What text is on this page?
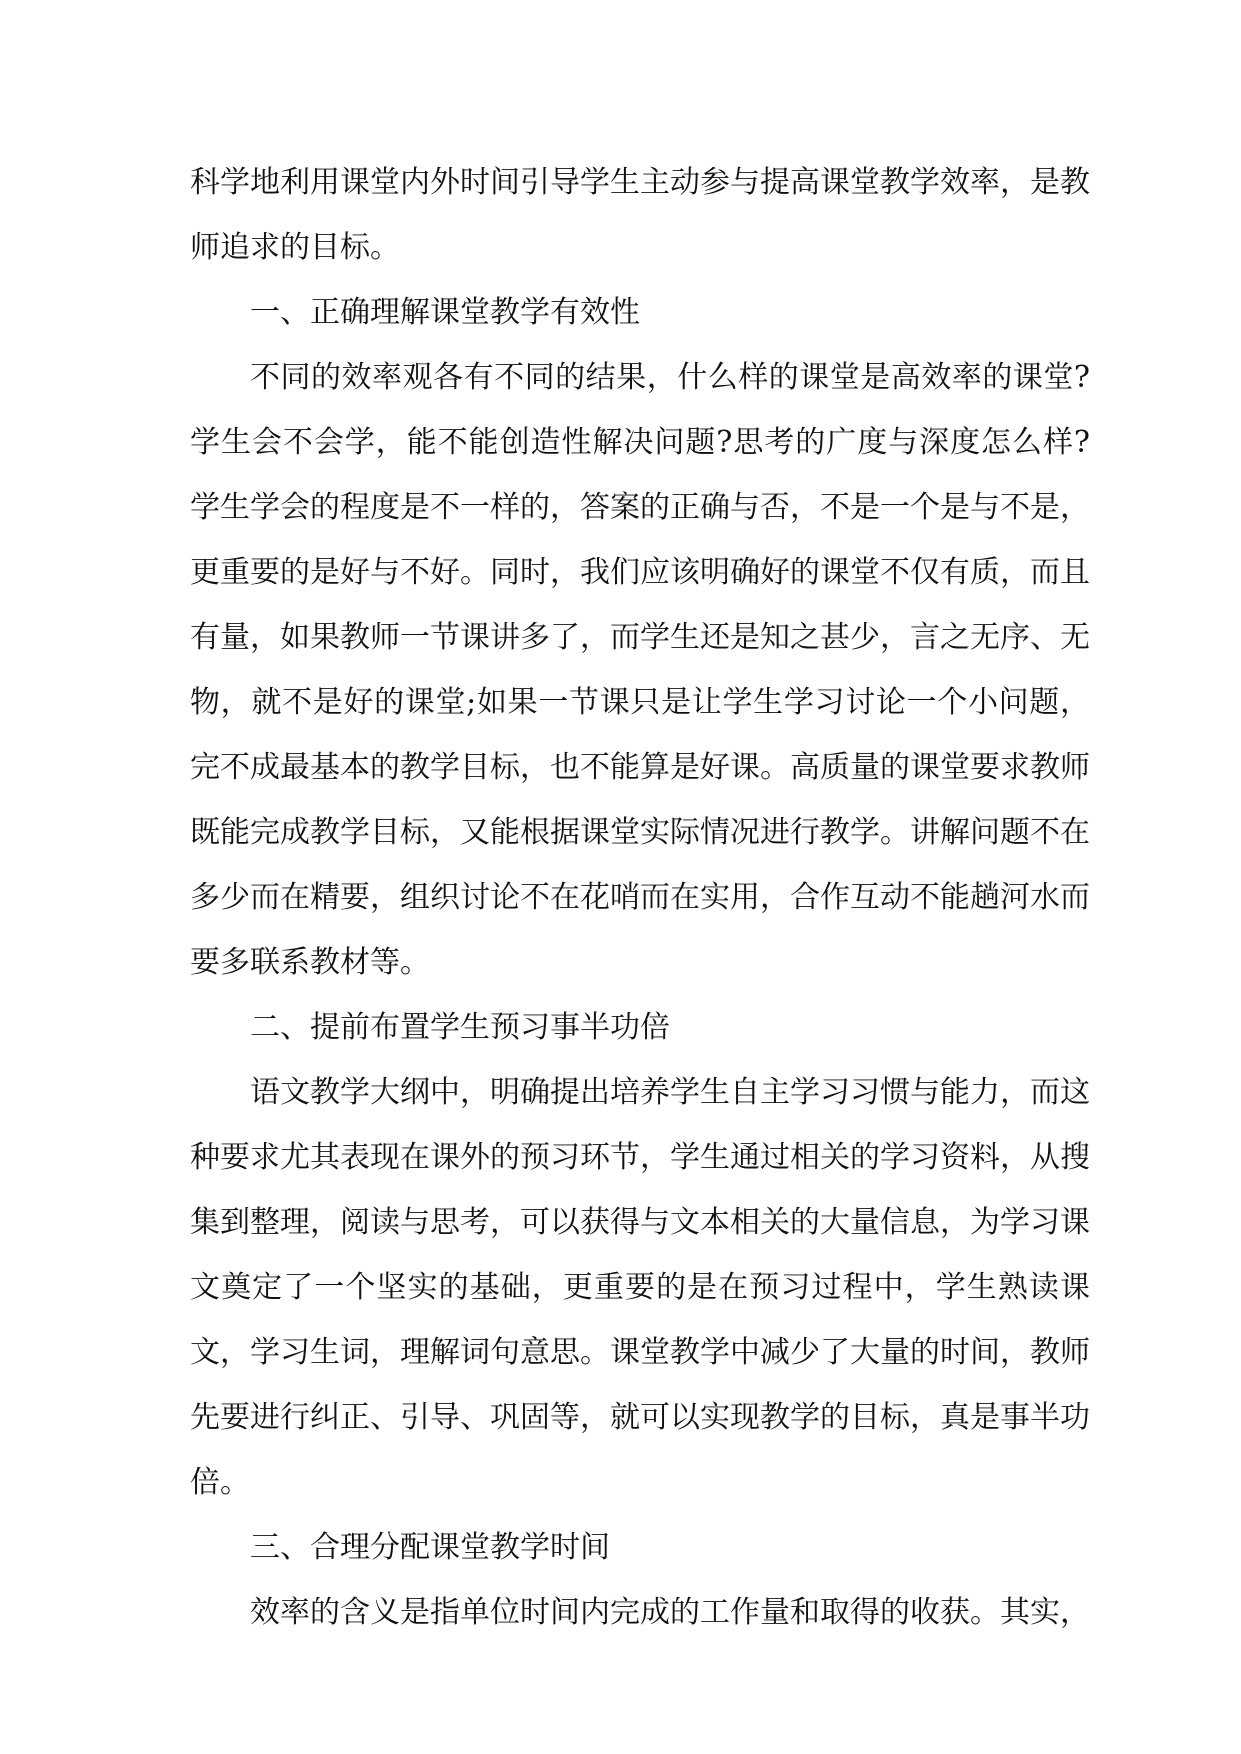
科学地利用课堂内外时间引导学生主动参与提高课堂教学效率，是教师追求的目标。

一、正确理解课堂教学有效性

不同的效率观各有不同的结果，什么样的课堂是高效率的课堂?学生会不会学，能不能创造性解决问题?思考的广度与深度怎么样?学生学会的程度是不一样的，答案的正确与否，不是一个是与不是，更重要的是好与不好。同时，我们应该明确好的课堂不仅有质，而且有量，如果教师一节课讲多了，而学生还是知之甚少，言之无序、无物，就不是好的课堂;如果一节课只是让学生学习讨论一个小问题，完不成最基本的教学目标，也不能算是好课。高质量的课堂要求教师既能完成教学目标，又能根据课堂实际情况进行教学。讲解问题不在多少而在精要，组织讨论不在花哨而在实用，合作互动不能趟河水而要多联系教材等。

二、提前布置学生预习事半功倍

语文教学大纲中，明确提出培养学生自主学习习惯与能力，而这种要求尤其表现在课外的预习环节，学生通过相关的学习资料，从搜集到整理，阅读与思考，可以获得与文本相关的大量信息，为学习课文奠定了一个坚实的基础，更重要的是在预习过程中，学生熟读课文，学习生词，理解词句意思。课堂教学中减少了大量的时间，教师先要进行纠正、引导、巩固等，就可以实现教学的目标，真是事半功倍。

三、合理分配课堂教学时间

效率的含义是指单位时间内完成的工作量和取得的收获。其实，
